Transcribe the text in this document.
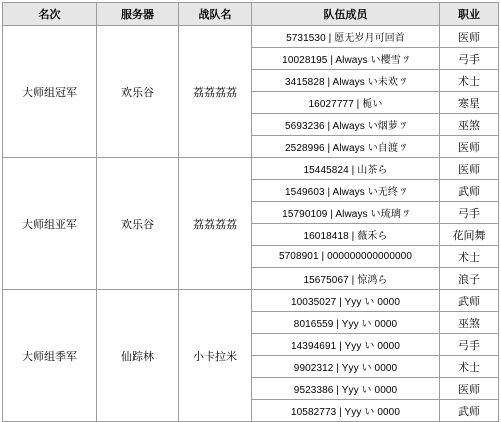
名次	服务器	战队名	队伍成员	职业
大师组冠军	欢乐谷	荔荔荔荔	5731530 | 愿无岁月可回首	医师
			10028195 | Always い樱雪 ﾂ	弓手
			3415828 | Always い未欢 ﾂ	术士
			16027777 | 栀い	寒星
			5693236 | Always い烟萝 ﾂ	巫煞
			2528996 | Always い自渡 ﾂ	医师
大师组亚军	欢乐谷	荔荔荔荔	15445824 | 山茶ら	医师
			1549603 | Always い无终 ﾂ	武师
			15790109 | Always い琉璃 ﾂ	弓手
			16018418 | 薇禾ら	花间舞
			5708901 | 000000000000000	术士
			15675067 | 惊鸿ら	浪子
大师组季军	仙踪林	小卡拉米	10035027 | Yyy い 0000	武师
			8016559 | Yyy い 0000	巫煞
			14394691 | Yyy い 0000	弓手
			9902312 | Yyy い 0000	术士
			9523386 | Yyy い 0000	医师
			10582773 | Yyy い 0000	武师
